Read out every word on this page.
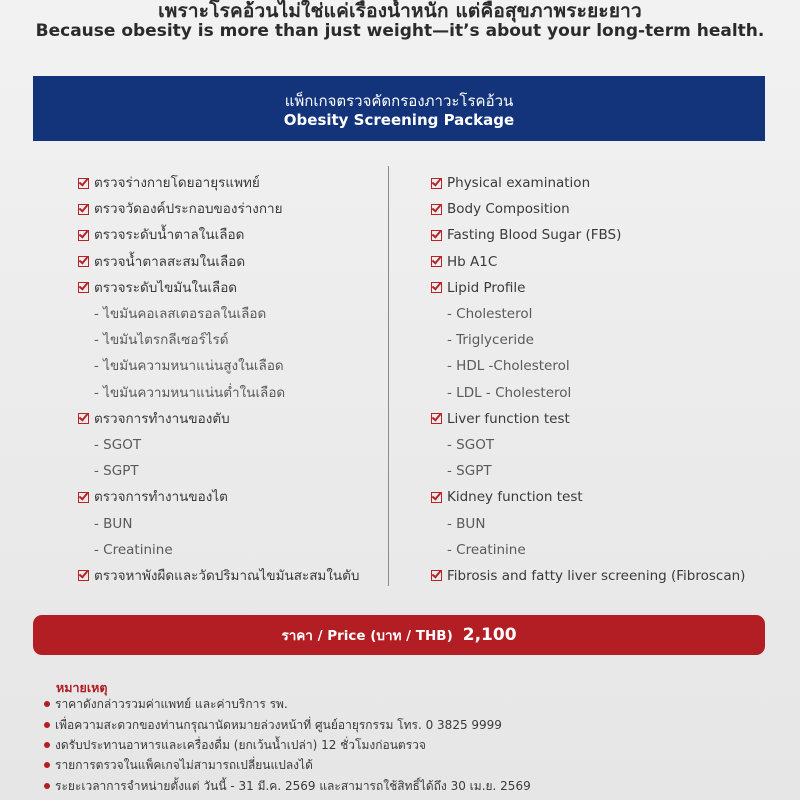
เพราะโรคอ้วนไม่ใช่แค่เรื่องน้ำหนัก แต่คือสุขภาพระยะยาว
Because obesity is more than just weight—it’s about your long-term health.
แพ็กเกจตรวจคัดกรองภาวะโรคอ้วน
Obesity Screening Package
ตรวจร่างกายโดยอายุรแพทย์
ตรวจวัดองค์ประกอบของร่างกาย
ตรวจระดับน้ำตาลในเลือด
ตรวจน้ำตาลสะสมในเลือด
ตรวจระดับไขมันในเลือด
- ไขมันคอเลสเตอรอลในเลือด
- ไขมันไตรกลีเซอร์ไรด์
- ไขมันความหนาแน่นสูงในเลือด
- ไขมันความหนาแน่นต่ำในเลือด
ตรวจการทำงานของตับ
- SGOT
- SGPT
ตรวจการทำงานของไต
- BUN
- Creatinine
ตรวจหาพังผืดและวัดปริมาณไขมันสะสมในตับ
Physical examination
Body Composition
Fasting Blood Sugar (FBS)
Hb A1C
Lipid Profile
- Cholesterol
- Triglyceride
- HDL -Cholesterol
- LDL - Cholesterol
Liver function test
- SGOT
- SGPT
Kidney function test
- BUN
- Creatinine
Fibrosis and fatty liver screening (Fibroscan)
ราคา / Price (บาท / THB) 2,100
หมายเหตุ
ราคาดังกล่าวรวมค่าแพทย์ และค่าบริการ รพ.
เพื่อความสะดวกของท่านกรุณานัดหมายล่วงหน้าที่ ศูนย์อายุรกรรม โทร. 0 3825 9999
งดรับประทานอาหารและเครื่องดื่ม (ยกเว้นน้ำเปล่า) 12 ชั่วโมงก่อนตรวจ
รายการตรวจในแพ็คเกจไม่สามารถเปลี่ยนแปลงได้
ระยะเวลาการจำหน่ายตั้งแต่ วันนี้ - 31 มี.ค. 2569 และสามารถใช้สิทธิ์ได้ถึง 30 เม.ย. 2569
